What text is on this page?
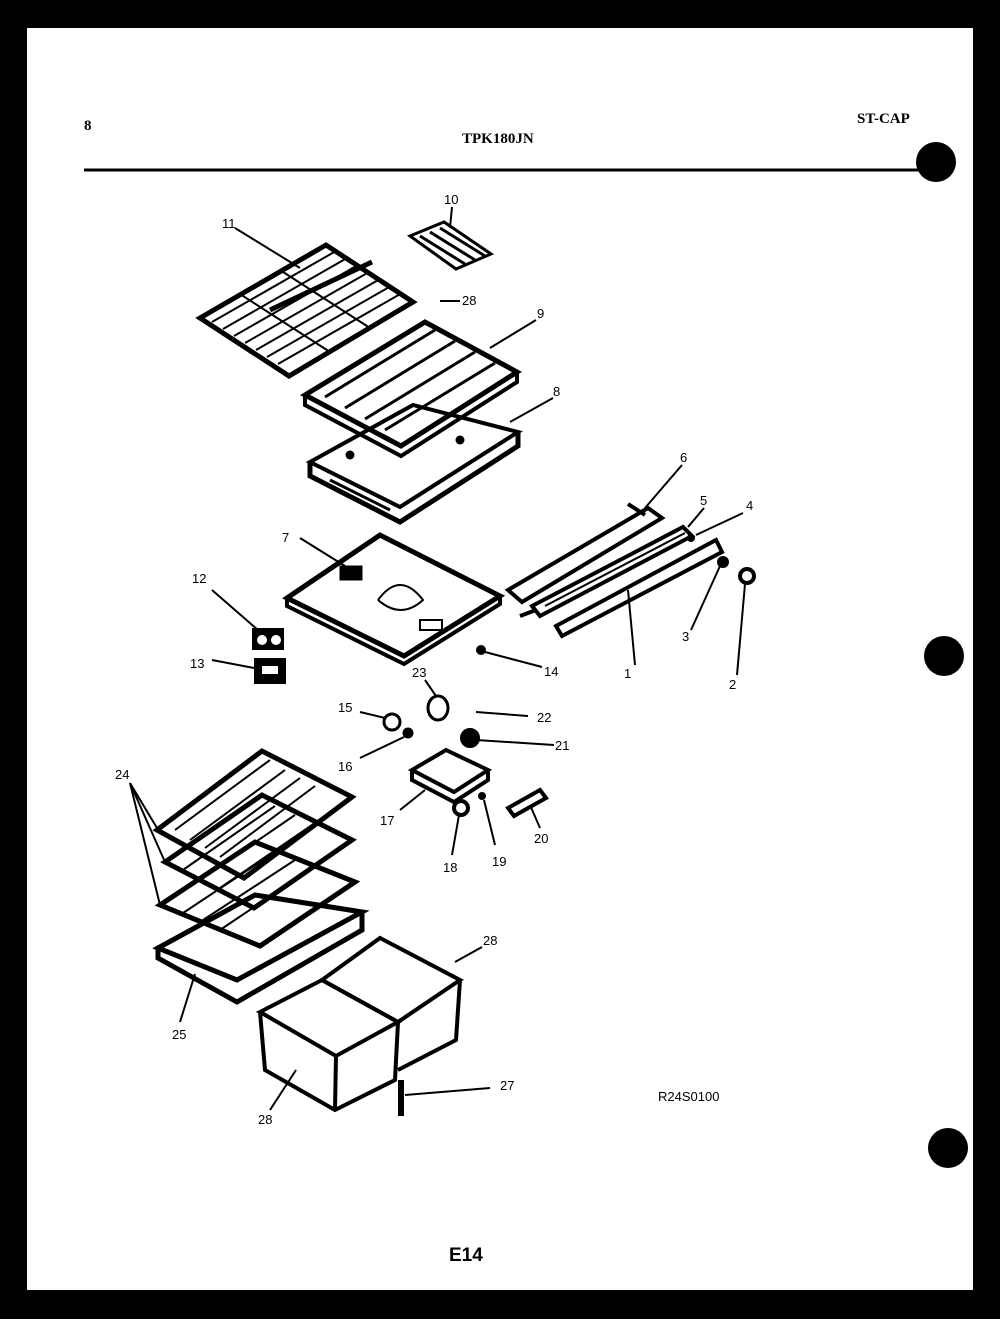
8
TPK180JN
ST-CAP
1
2
3
4
5
6
7
8
9
10
11
12
13
14
15
16
17
18	19
20
21
22
23
24
25
27
28
28
28
R24S0100
E14
